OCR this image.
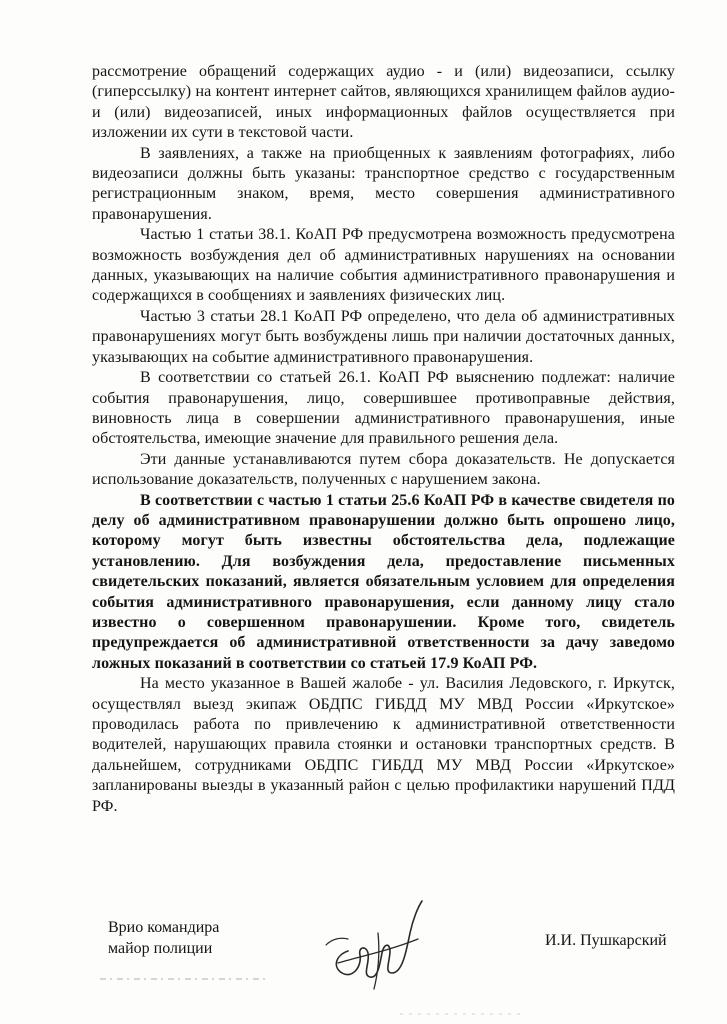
рассмотрение обращений содержащих аудио - и (или) видеозаписи, ссылку (гиперссылку) на контент интернет сайтов, являющихся хранилищем файлов аудио- и (или) видеозаписей, иных информационных файлов осуществляется при изложении их сути в текстовой части.

В заявлениях, а также на приобщенных к заявлениям фотографиях, либо видеозаписи должны быть указаны: транспортное средство с государственным регистрационным знаком, время, место совершения административного правонарушения.

Частью 1 статьи 38.1. КоАП РФ предусмотрена возможность предусмотрена возможность возбуждения дел об административных нарушениях на основании данных, указывающих на наличие события административного правонарушения и содержащихся в сообщениях и заявлениях физических лиц.

Частью 3 статьи 28.1 КоАП РФ определено, что дела об административных правонарушениях могут быть возбуждены лишь при наличии достаточных данных, указывающих на событие административного правонарушения.

В соответствии со статьей 26.1. КоАП РФ выяснению подлежат: наличие события правонарушения, лицо, совершившее противоправные действия, виновность лица в совершении административного правонарушения, иные обстоятельства, имеющие значение для правильного решения дела.

Эти данные устанавливаются путем сбора доказательств. Не допускается использование доказательств, полученных с нарушением закона.

В соответствии с частью 1 статьи 25.6 КоАП РФ в качестве свидетеля по делу об административном правонарушении должно быть опрошено лицо, которому могут быть известны обстоятельства дела, подлежащие установлению. Для возбуждения дела, предоставление письменных свидетельских показаний, является обязательным условием для определения события административного правонарушения, если данному лицу стало известно о совершенном правонарушении. Кроме того, свидетель предупреждается об административной ответственности за дачу заведомо ложных показаний в соответствии со статьей 17.9 КоАП РФ.

На место указанное в Вашей жалобе - ул. Василия Ледовского, г. Иркутск, осуществлял выезд экипаж ОБДПС ГИБДД МУ МВД России «Иркутское» проводилась работа по привлечению к административной ответственности водителей, нарушающих правила стоянки и остановки транспортных средств. В дальнейшем, сотрудниками ОБДПС ГИБДД МУ МВД России «Иркутское» запланированы выезды в указанный район с целью профилактики нарушений ПДД РФ.

Врио командира
майор полиции	И.И. Пушкарский
